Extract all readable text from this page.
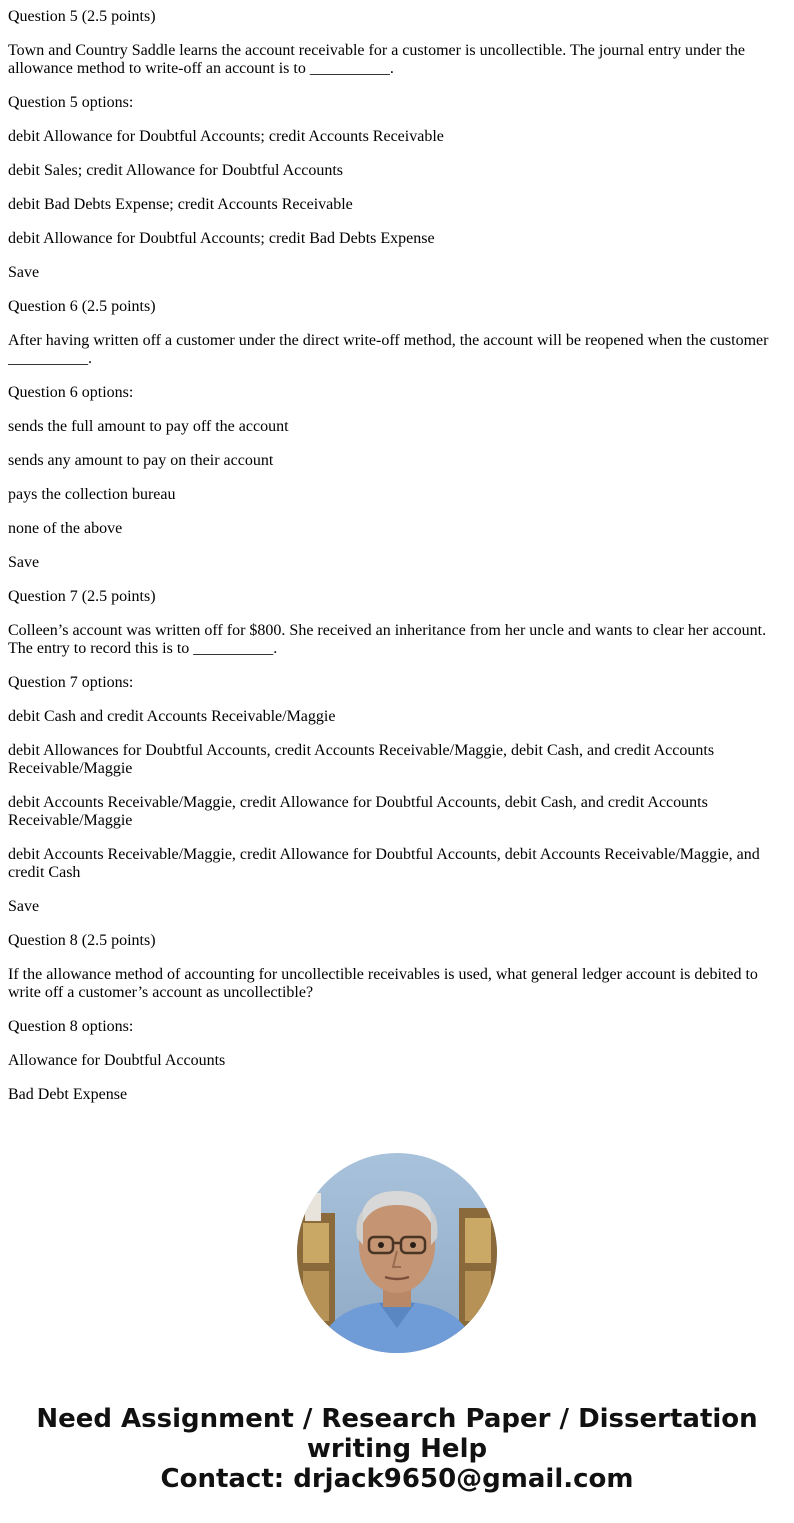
Question 5 (2.5 points)

Town and Country Saddle learns the account receivable for a customer is uncollectible. The journal entry under the allowance method to write-off an account is to __________.

Question 5 options:

debit Allowance for Doubtful Accounts; credit Accounts Receivable

debit Sales; credit Allowance for Doubtful Accounts

debit Bad Debts Expense; credit Accounts Receivable

debit Allowance for Doubtful Accounts; credit Bad Debts Expense

Save

Question 6 (2.5 points)

After having written off a customer under the direct write-off method, the account will be reopened when the customer __________.

Question 6 options:

sends the full amount to pay off the account

sends any amount to pay on their account

pays the collection bureau

none of the above

Save

Question 7 (2.5 points)

Colleen’s account was written off for $800. She received an inheritance from her uncle and wants to clear her account. The entry to record this is to __________.

Question 7 options:

debit Cash and credit Accounts Receivable/Maggie

debit Allowances for Doubtful Accounts, credit Accounts Receivable/Maggie, debit Cash, and credit Accounts Receivable/Maggie

debit Accounts Receivable/Maggie, credit Allowance for Doubtful Accounts, debit Cash, and credit Accounts Receivable/Maggie

debit Accounts Receivable/Maggie, credit Allowance for Doubtful Accounts, debit Accounts Receivable/Maggie, and credit Cash

Save

Question 8 (2.5 points)

If the allowance method of accounting for uncollectible receivables is used, what general ledger account is debited to write off a customer’s account as uncollectible?

Question 8 options:

Allowance for Doubtful Accounts

Bad Debt Expense

Need Assignment / Research Paper / Dissertation
writing Help
Contact: drjack9650@gmail.com
